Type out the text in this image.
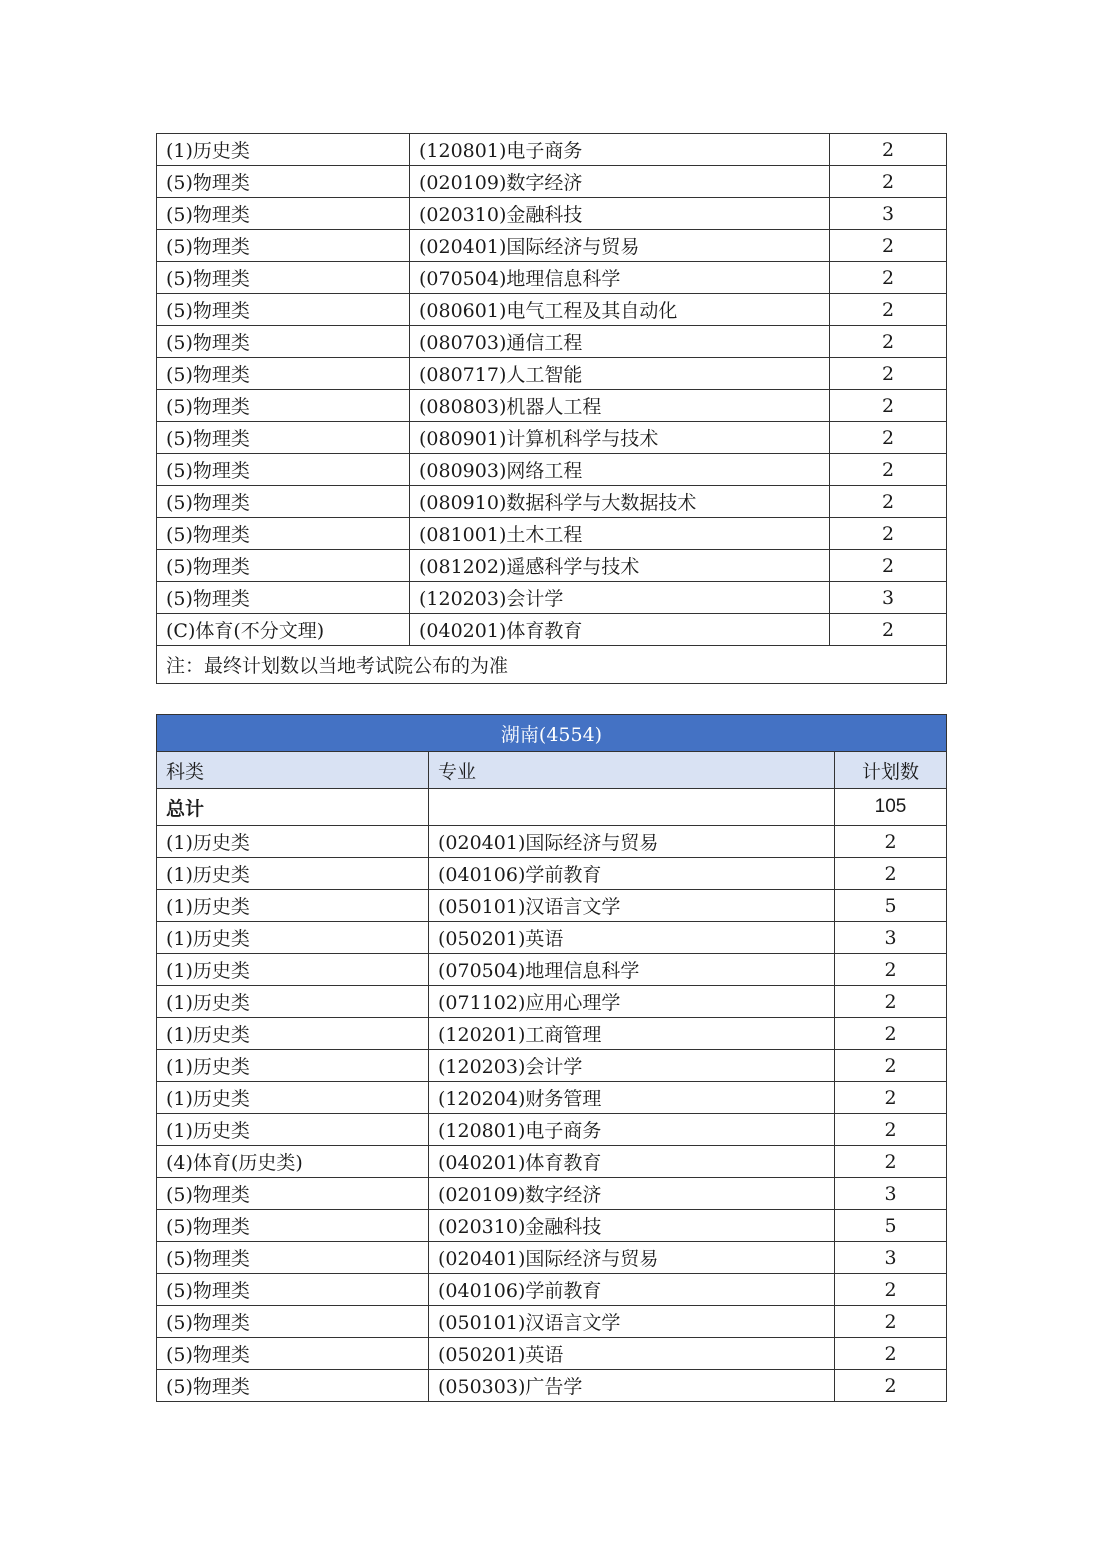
(1)历史类	(120801)电子商务	2
(5)物理类	(020109)数字经济	2
(5)物理类	(020310)金融科技	3
(5)物理类	(020401)国际经济与贸易	2
(5)物理类	(070504)地理信息科学	2
(5)物理类	(080601)电气工程及其自动化	2
(5)物理类	(080703)通信工程	2
(5)物理类	(080717)人工智能	2
(5)物理类	(080803)机器人工程	2
(5)物理类	(080901)计算机科学与技术	2
(5)物理类	(080903)网络工程	2
(5)物理类	(080910)数据科学与大数据技术	2
(5)物理类	(081001)土木工程	2
(5)物理类	(081202)遥感科学与技术	2
(5)物理类	(120203)会计学	3
(C)体育(不分文理)	(040201)体育教育	2
注：最终计划数以当地考试院公布的为准		
湖南(4554)		
科类	专业	计划数
总计		105
(1)历史类	(020401)国际经济与贸易	2
(1)历史类	(040106)学前教育	2
(1)历史类	(050101)汉语言文学	5
(1)历史类	(050201)英语	3
(1)历史类	(070504)地理信息科学	2
(1)历史类	(071102)应用心理学	2
(1)历史类	(120201)工商管理	2
(1)历史类	(120203)会计学	2
(1)历史类	(120204)财务管理	2
(1)历史类	(120801)电子商务	2
(4)体育(历史类)	(040201)体育教育	2
(5)物理类	(020109)数字经济	3
(5)物理类	(020310)金融科技	5
(5)物理类	(020401)国际经济与贸易	3
(5)物理类	(040106)学前教育	2
(5)物理类	(050101)汉语言文学	2
(5)物理类	(050201)英语	2
(5)物理类	(050303)广告学	2
